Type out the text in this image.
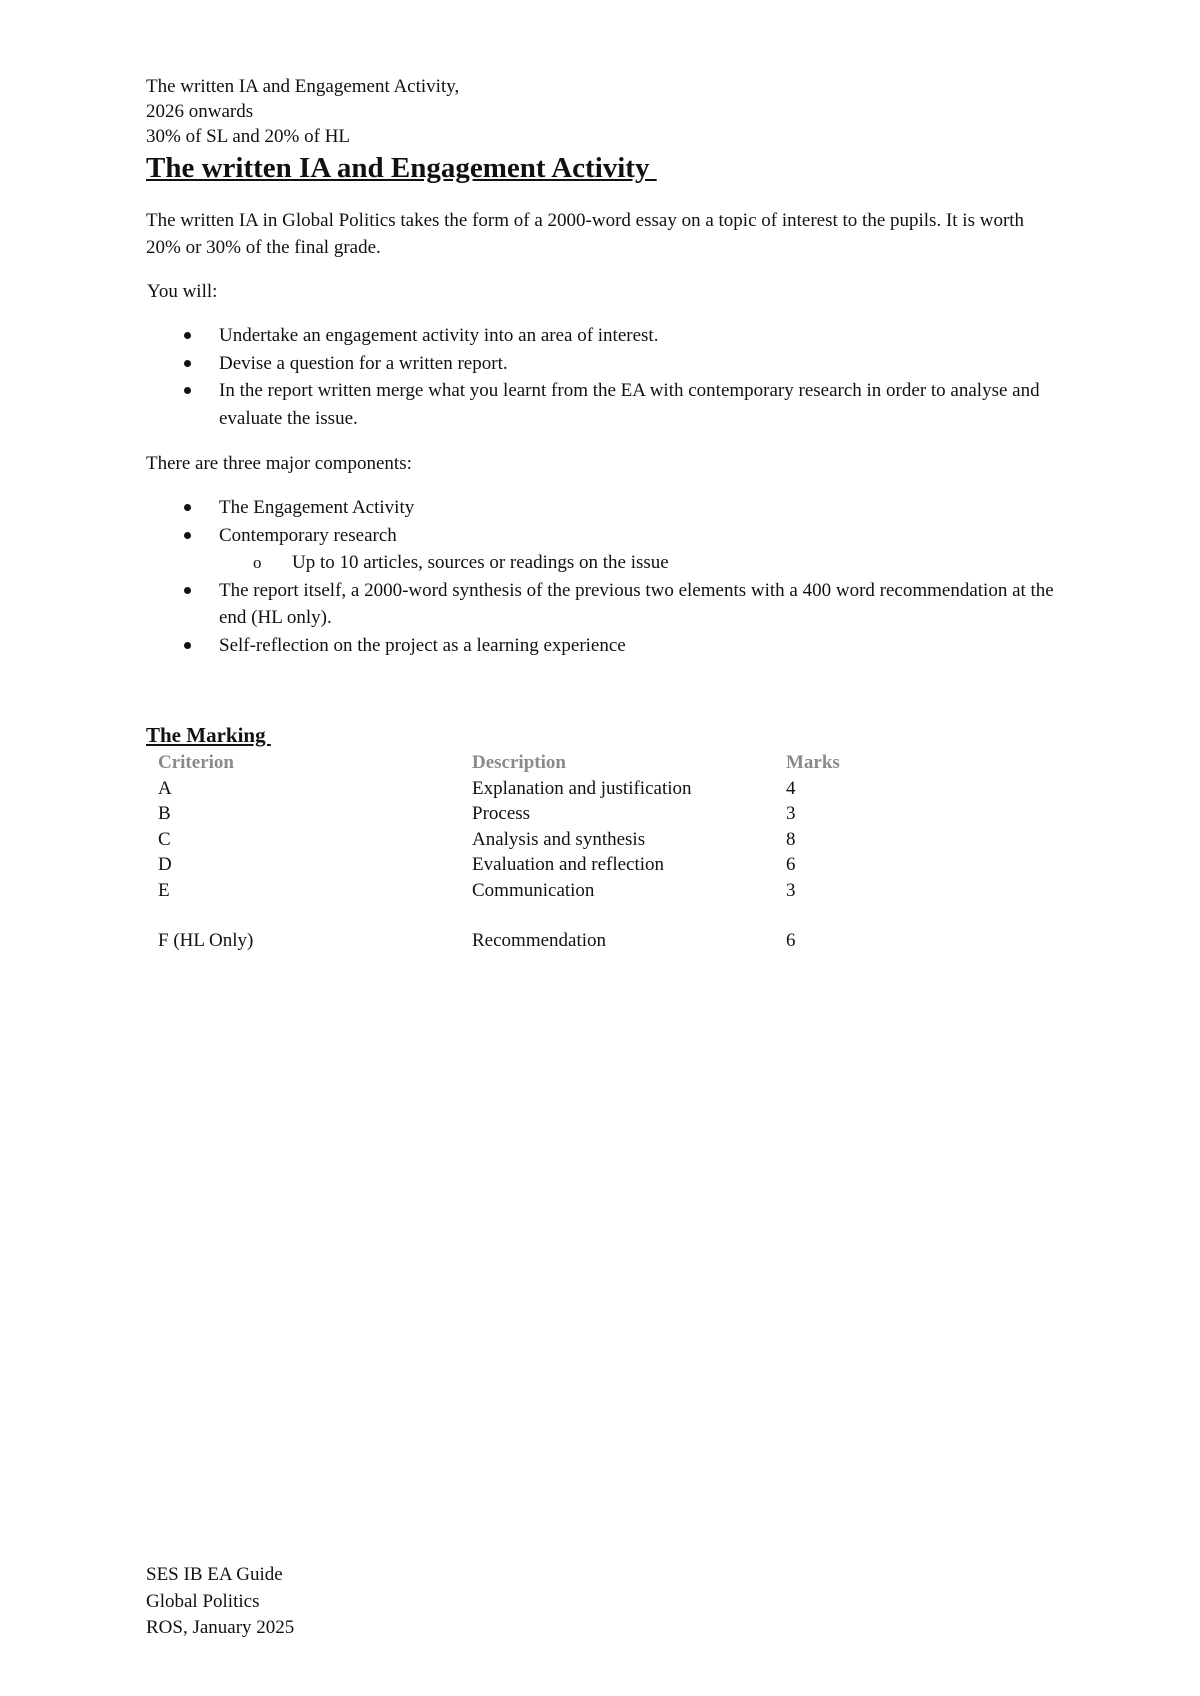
The written IA and Engagement Activity,
2026 onwards
30% of SL and 20% of HL
The written IA and Engagement Activity

The written IA in Global Politics takes the form of a 2000-word essay on a topic of interest to the pupils. It is worth 20% or 30% of the final grade.

You will:

Undertake an engagement activity into an area of interest.
Devise a question for a written report.
In the report written merge what you learnt from the EA with contemporary research in order to analyse and evaluate the issue.

There are three major components:

The Engagement Activity
Contemporary research
o Up to 10 articles, sources or readings on the issue
The report itself, a 2000-word synthesis of the previous two elements with a 400 word recommendation at the end (HL only).
Self-reflection on the project as a learning experience
The Marking
Criterion	Description	Marks
A	Explanation and justification	4
B	Process	3
C	Analysis and synthesis	8
D	Evaluation and reflection	6
E	Communication	3

F (HL Only)	Recommendation	6
SES IB EA Guide
Global Politics
ROS, January 2025
